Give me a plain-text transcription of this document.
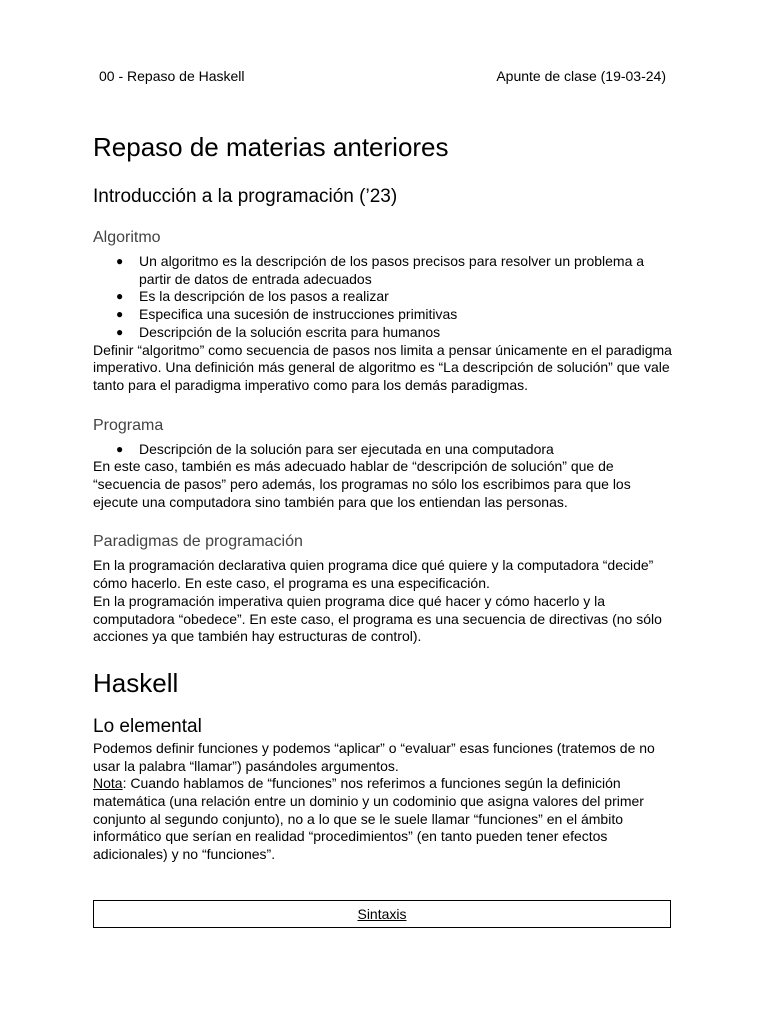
00 - Repaso de Haskell	Apunte de clase (19-03-24)
Repaso de materias anteriores
Introducción a la programación (’23)
Algoritmo
● Un algoritmo es la descripción de los pasos precisos para resolver un problema a partir de datos de entrada adecuados
● Es la descripción de los pasos a realizar
● Especifica una sucesión de instrucciones primitivas
● Descripción de la solución escrita para humanos

Definir “algoritmo” como secuencia de pasos nos limita a pensar únicamente en el paradigma imperativo. Una definición más general de algoritmo es “La descripción de solución” que vale tanto para el paradigma imperativo como para los demás paradigmas.

Programa
● Descripción de la solución para ser ejecutada en una computadora

En este caso, también es más adecuado hablar de “descripción de solución” que de “secuencia de pasos” pero además, los programas no sólo los escribimos para que los ejecute una computadora sino también para que los entiendan las personas.

Paradigmas de programación

En la programación declarativa quien programa dice qué quiere y la computadora “decide” cómo hacerlo. En este caso, el programa es una especificación.

En la programación imperativa quien programa dice qué hacer y cómo hacerlo y la computadora “obedece”. En este caso, el programa es una secuencia de directivas (no sólo acciones ya que también hay estructuras de control).

Haskell
Lo elemental

Podemos definir funciones y podemos “aplicar” o “evaluar” esas funciones (tratemos de no usar la palabra “llamar”) pasándoles argumentos.

Nota: Cuando hablamos de “funciones” nos referimos a funciones según la definición matemática (una relación entre un dominio y un codominio que asigna valores del primer conjunto al segundo conjunto), no a lo que se le suele llamar “funciones” en el ámbito informático que serían en realidad “procedimientos” (en tanto pueden tener efectos adicionales) y no “funciones”.

Sintaxis
